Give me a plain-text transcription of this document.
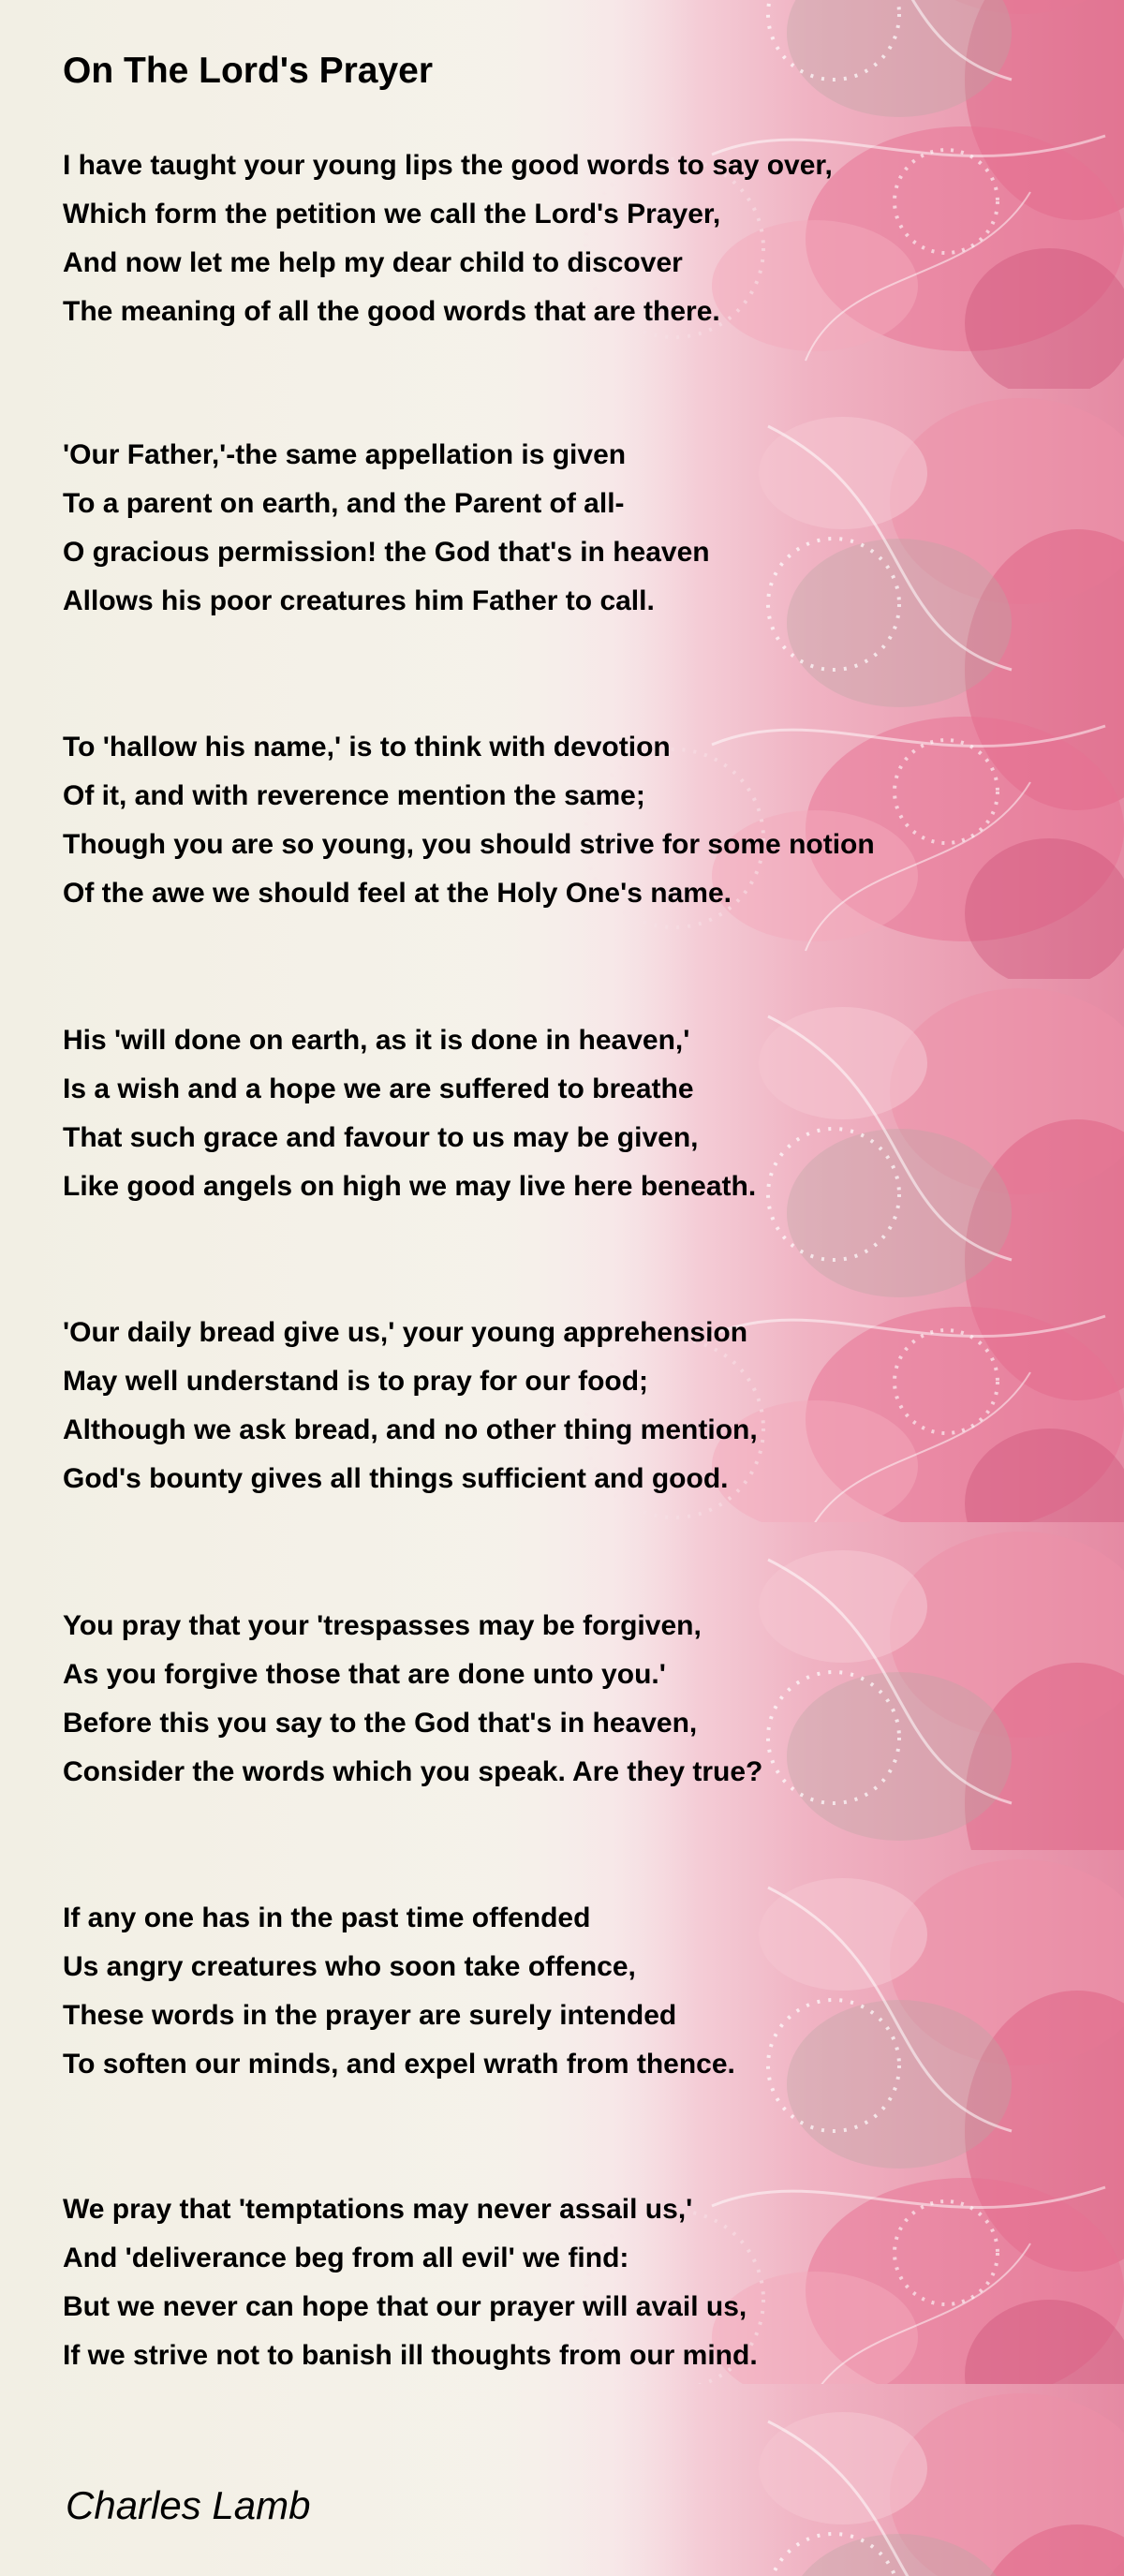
On The Lord's Prayer
I have taught your young lips the good words to say over,
Which form the petition we call the Lord's Prayer,
And now let me help my dear child to discover
The meaning of all the good words that are there.
'Our Father,'-the same appellation is given
To a parent on earth, and the Parent of all-
O gracious permission! the God that's in heaven
Allows his poor creatures him Father to call.
To 'hallow his name,' is to think with devotion
Of it, and with reverence mention the same;
Though you are so young, you should strive for some notion
Of the awe we should feel at the Holy One's name.
His 'will done on earth, as it is done in heaven,'
Is a wish and a hope we are suffered to breathe
That such grace and favour to us may be given,
Like good angels on high we may live here beneath.
'Our daily bread give us,' your young apprehension
May well understand is to pray for our food;
Although we ask bread, and no other thing mention,
God's bounty gives all things sufficient and good.
You pray that your 'trespasses may be forgiven,
As you forgive those that are done unto you.'
Before this you say to the God that's in heaven,
Consider the words which you speak. Are they true?
If any one has in the past time offended
Us angry creatures who soon take offence,
These words in the prayer are surely intended
To soften our minds, and expel wrath from thence.
We pray that 'temptations may never assail us,'
And 'deliverance beg from all evil' we find:
But we never can hope that our prayer will avail us,
If we strive not to banish ill thoughts from our mind.

Charles Lamb
